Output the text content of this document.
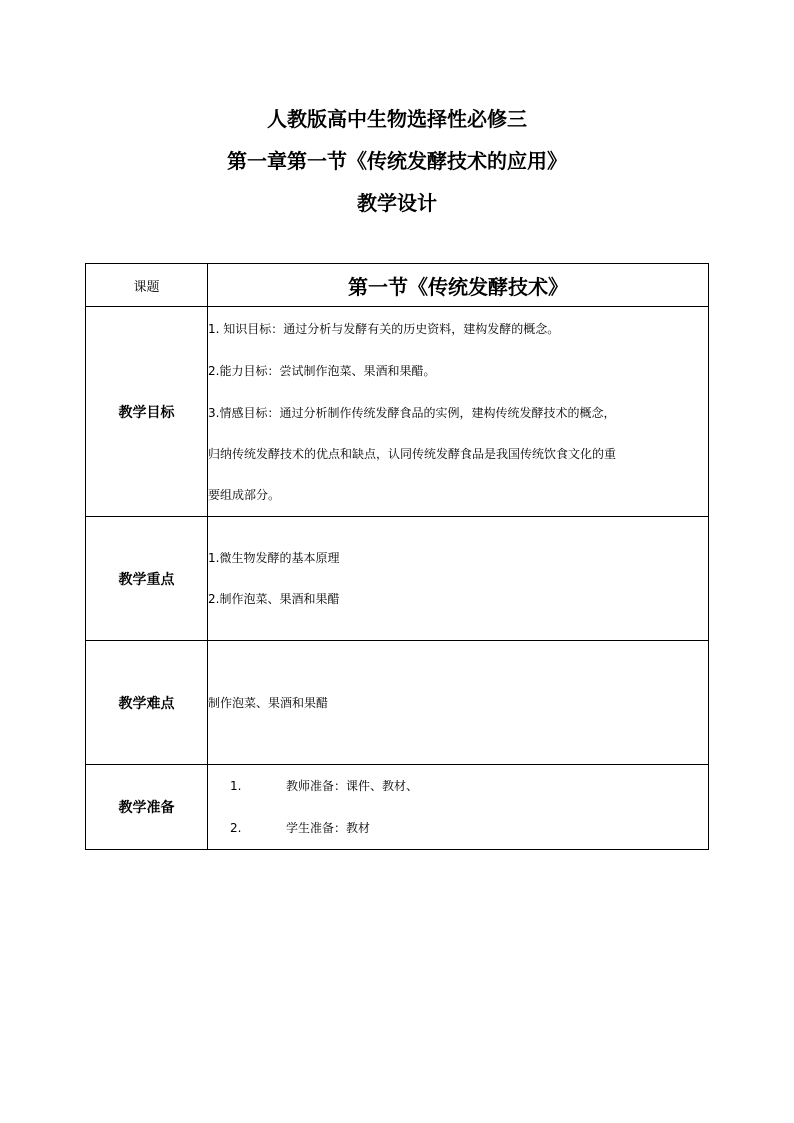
人教版高中生物选择性必修三
第一章第一节《传统发酵技术的应用》
教学设计
课题	第一节《传统发酵技术》
教学目标	1. 知识目标：通过分析与发酵有关的历史资料，建构发酵的概念。

2.能力目标：尝试制作泡菜、果酒和果醋。

3.情感目标：通过分析制作传统发酵食品的实例，建构传统发酵技术的概念，

归纳传统发酵技术的优点和缺点，认同传统发酵食品是我国传统饮食文化的重

要组成部分。

教学重点	1.微生物发酵的基本原理

2.制作泡菜、果酒和果醋

教学难点	制作泡菜、果酒和果醋

教学准备	1. 教师准备：课件、教材、
2. 学生准备：教材
